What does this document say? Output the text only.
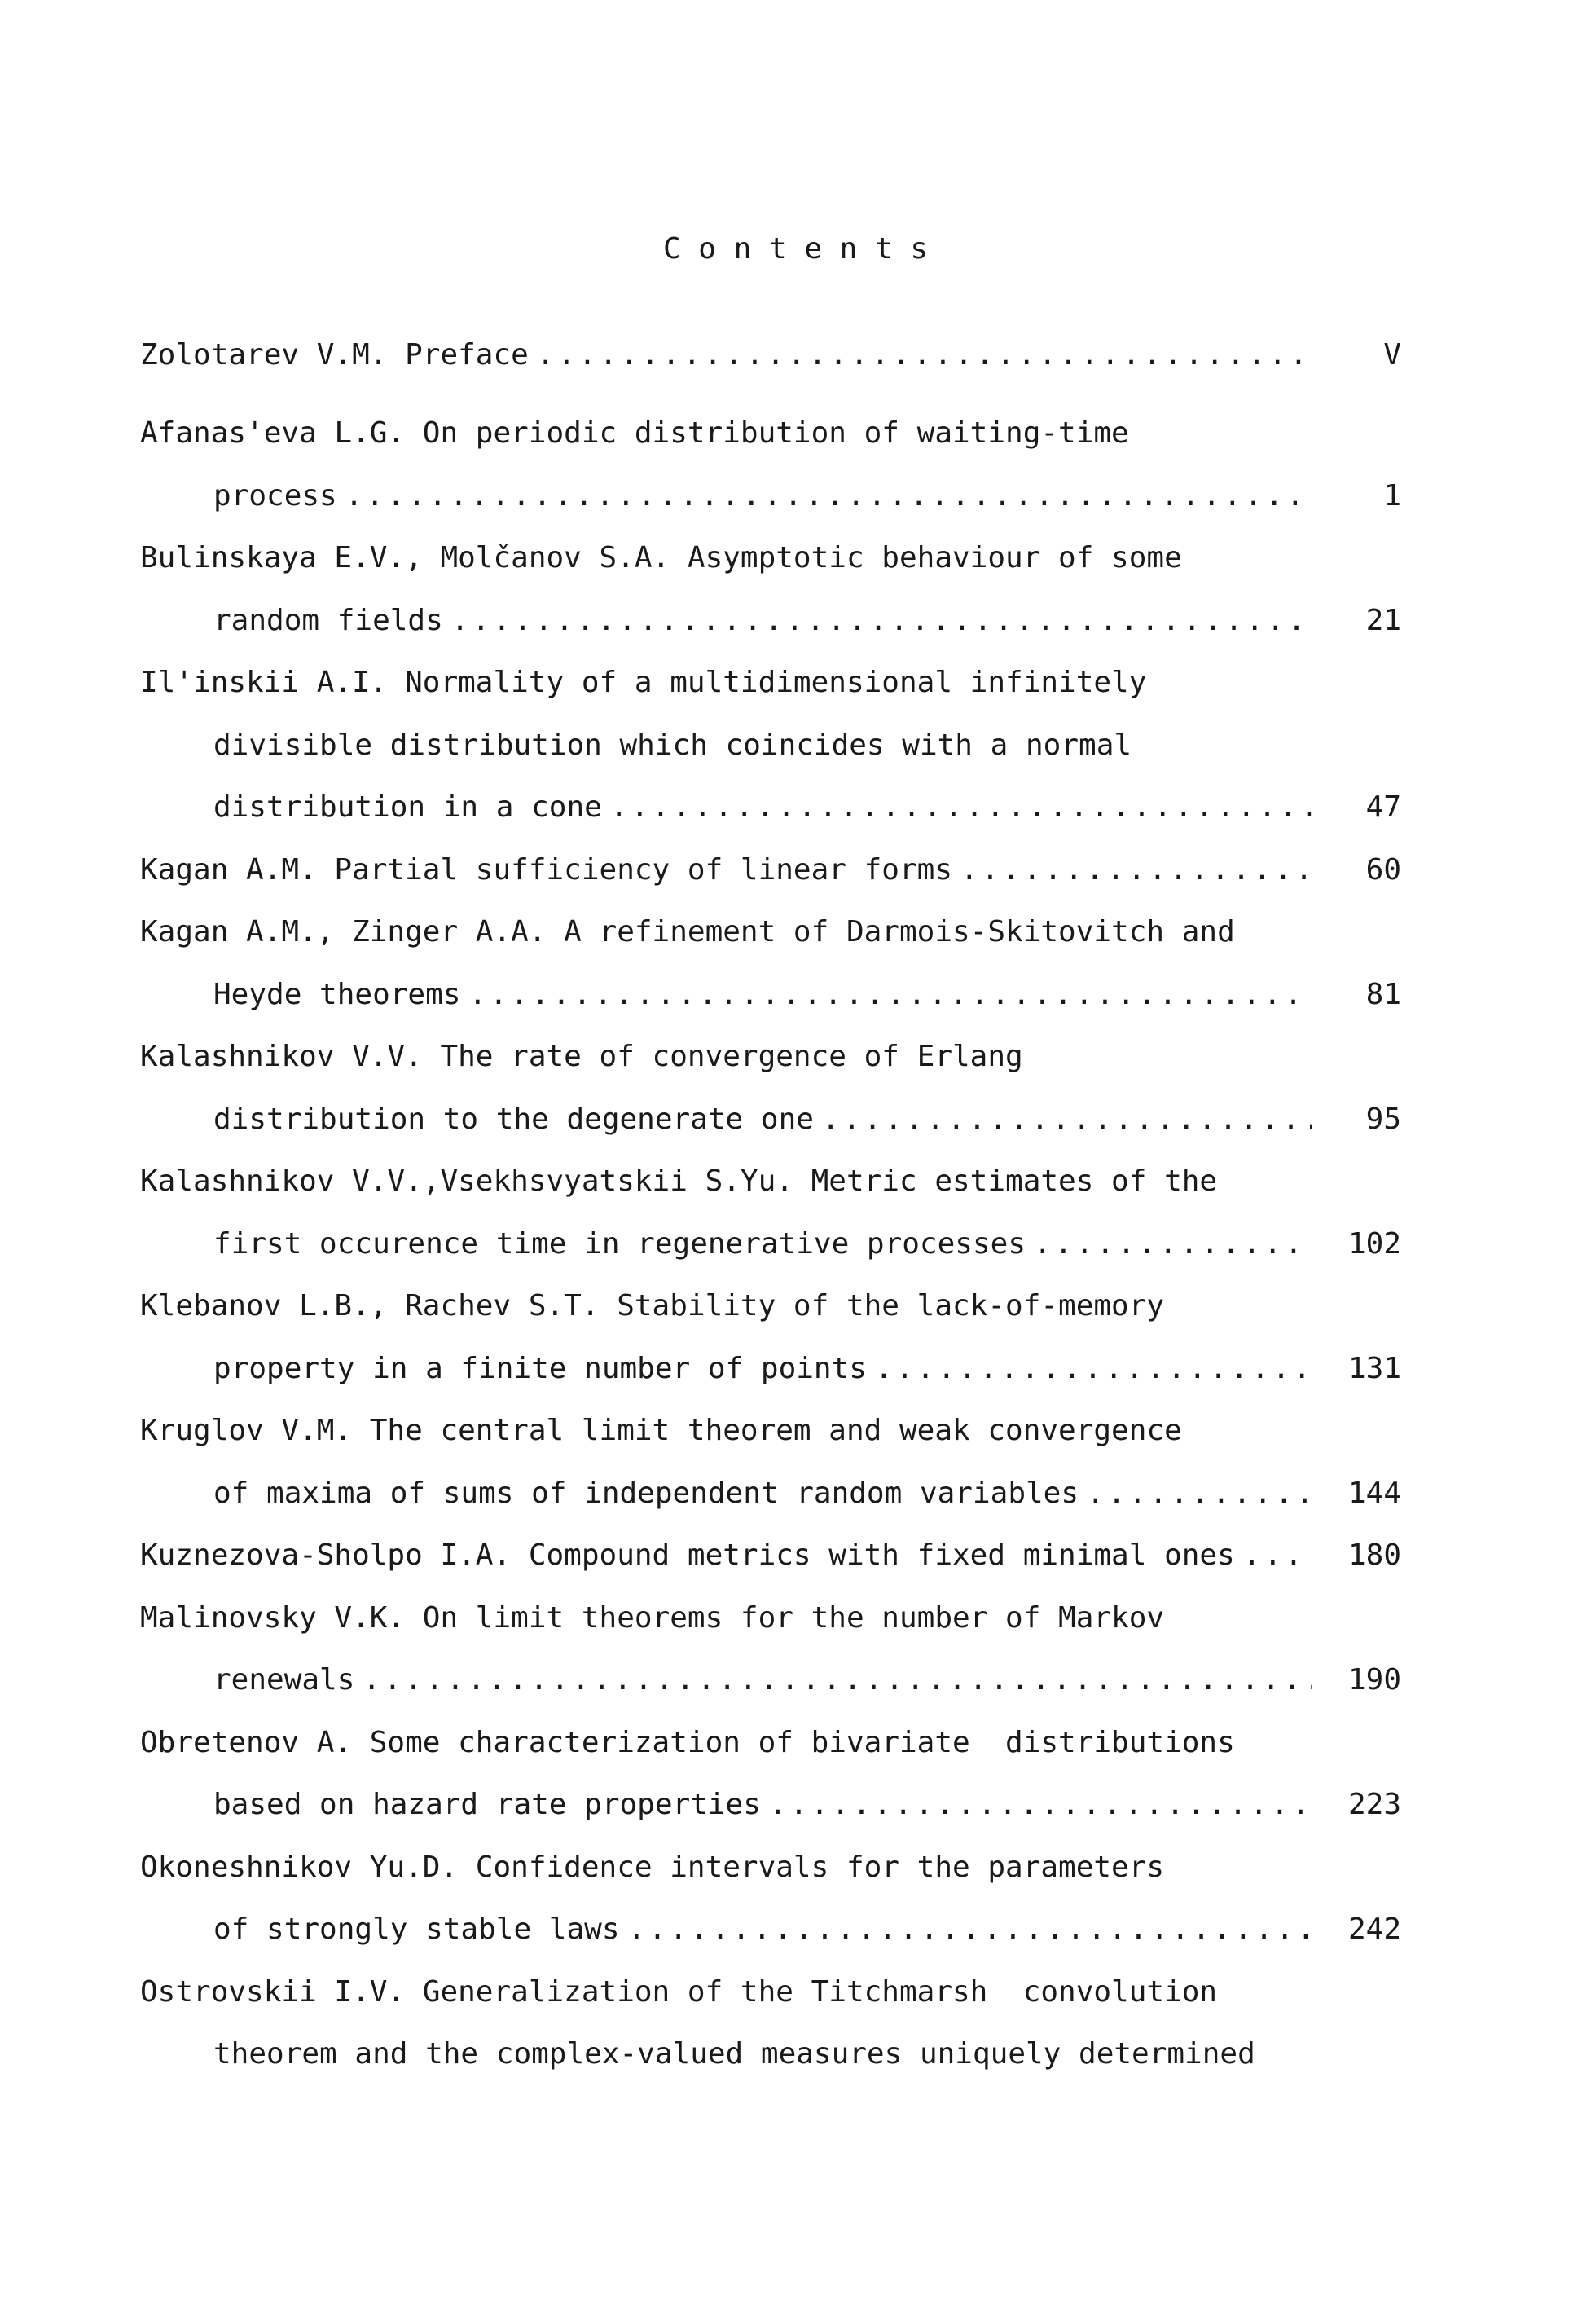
C o n t e n t s
Zolotarev V.M. Preface .....	V
Afanas'eva L.G. On periodic distribution of waiting-time
process .....	1
Bulinskaya E.V., Molčanov S.A. Asymptotic behaviour of some
random fields .....	21
Il'inskii A.I. Normality of a multidimensional infinitely
divisible distribution which coincides with a normal
distribution in a cone .....	47
Kagan A.M. Partial sufficiency of linear forms .....	60
Kagan A.M., Zinger A.A. A refinement of Darmois-Skitovitch and
Heyde theorems .....	81
Kalashnikov V.V. The rate of convergence of Erlang
distribution to the degenerate one .....	95
Kalashnikov V.V.,Vsekhsvyatskii S.Yu. Metric estimates of the
first occurence time in regenerative processes .....	102
Klebanov L.B., Rachev S.T. Stability of the lack-of-memory
property in a finite number of points .....	131
Kruglov V.M. The central limit theorem and weak convergence
of maxima of sums of independent random variables .....	144
Kuznezova-Sholpo I.A. Compound metrics with fixed minimal ones .....	180
Malinovsky V.K. On limit theorems for the number of Markov
renewals .....	190
Obretenov A. Some characterization of bivariate  distributions
based on hazard rate properties .....	223
Okoneshnikov Yu.D. Confidence intervals for the parameters
of strongly stable laws .....	242
Ostrovskii I.V. Generalization of the Titchmarsh  convolution
theorem and the complex-valued measures uniquely determined
